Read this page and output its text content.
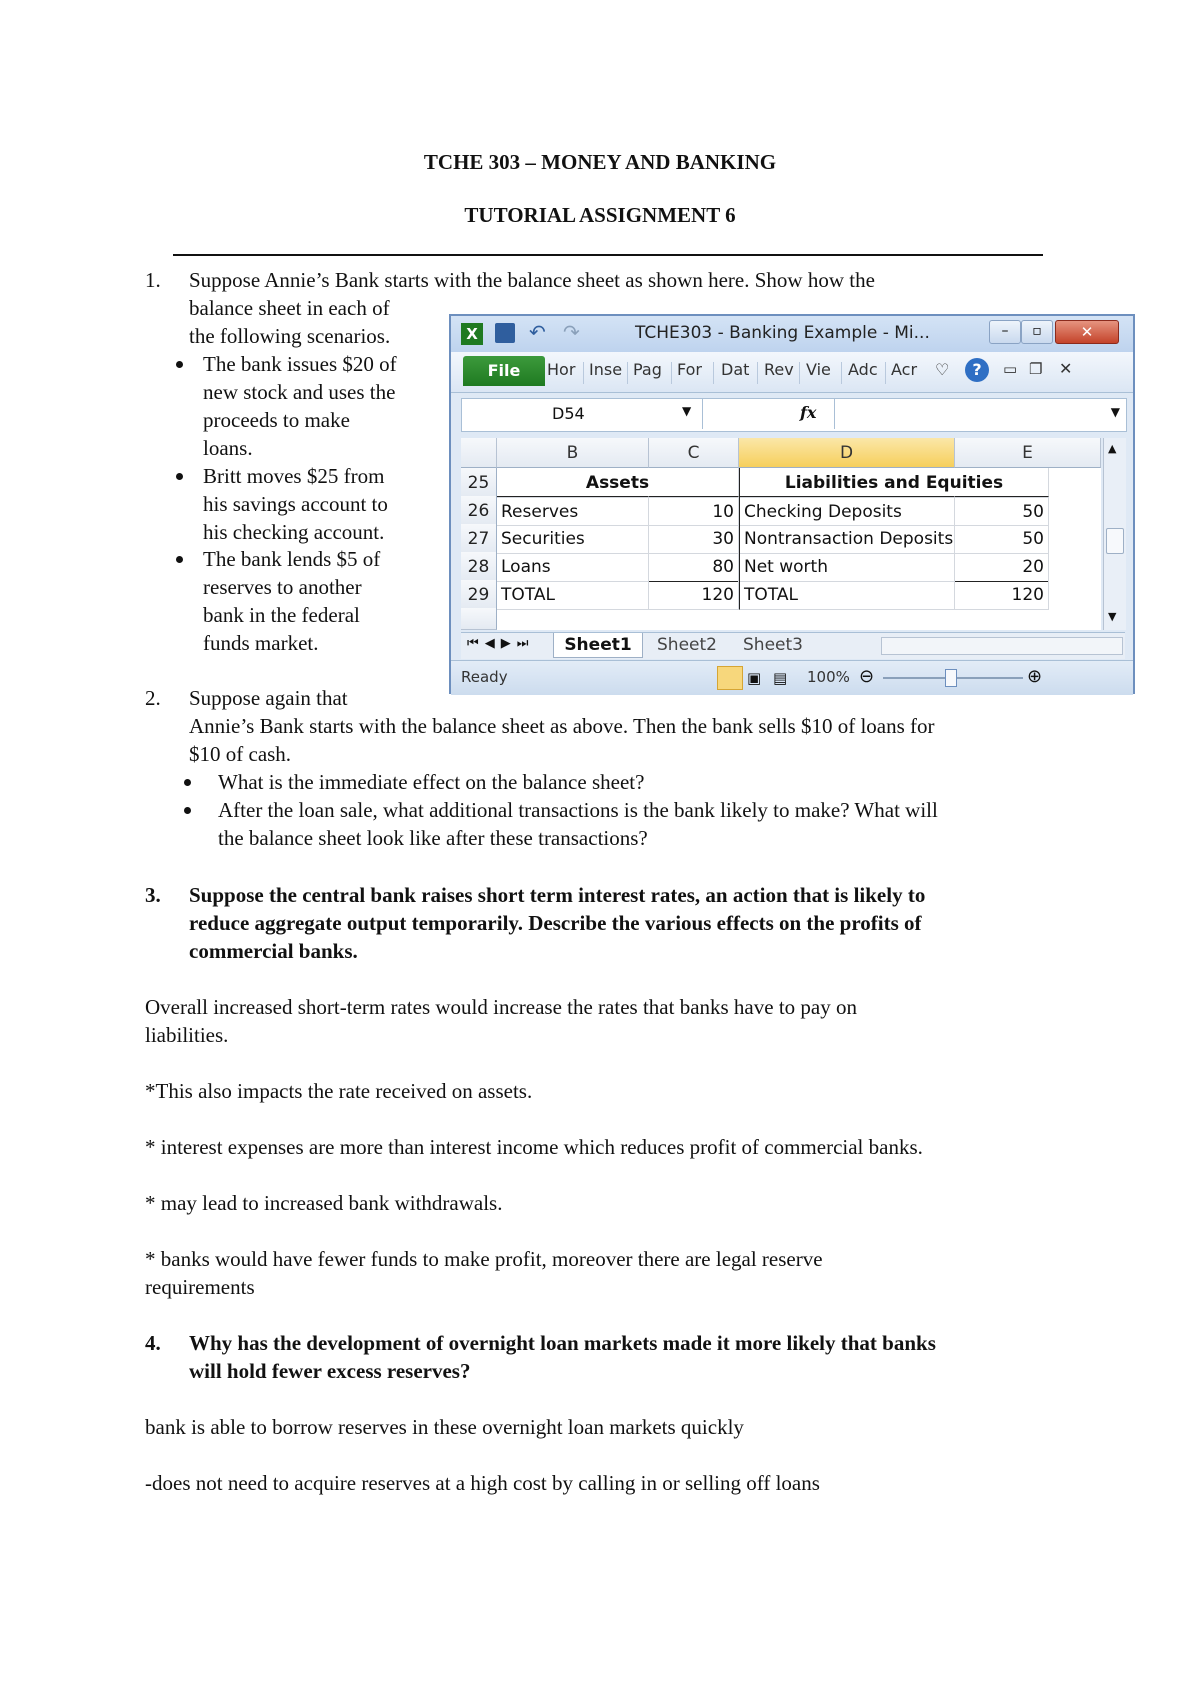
TCHE 303 – MONEY AND BANKING
TUTORIAL ASSIGNMENT 6
1. Suppose Annie’s Bank starts with the balance sheet as shown here. Show how the
balance sheet in each of
the following scenarios.
The bank issues $20 of
new stock and uses the
proceeds to make
loans.
Britt moves $25 from
his savings account to
his checking account.
The bank lends $5 of
reserves to another
bank in the federal
funds market.
X	↶ ↷	TCHE303 - Banking Example - Mi...	–	▫	✕
File	Hor Inse Pag For Dat Rev Vie Adc Acr ♡	?	▭ ❐ ✕
D54	▼	fx	▼
B	C	D	E
25	Assets	Liabilities and Equities
26 Reserves	10 Checking Deposits	50
27 Securities	30 Nontransaction Deposits	50
28 Loans	80 Net worth	20
29 TOTAL	120 TOTAL	120
▲
▼
⏮◀▶⏭	Sheet1	Sheet2	Sheet3
Ready	▣ ▤ 100% ⊖	⊕
2. Suppose again that
Annie’s Bank starts with the balance sheet as above. Then the bank sells $10 of loans for
$10 of cash.
What is the immediate effect on the balance sheet?
After the loan sale, what additional transactions is the bank likely to make? What will
the balance sheet look like after these transactions?
3. Suppose the central bank raises short term interest rates, an action that is likely to
reduce aggregate output temporarily. Describe the various effects on the profits of
commercial banks.
Overall increased short-term rates would increase the rates that banks have to pay on
liabilities.
*This also impacts the rate received on assets.
* interest expenses are more than interest income which reduces profit of commercial banks.
* may lead to increased bank withdrawals.
* banks would have fewer funds to make profit, moreover there are legal reserve
requirements
4. Why has the development of overnight loan markets made it more likely that banks
will hold fewer excess reserves?
bank is able to borrow reserves in these overnight loan markets quickly
-does not need to acquire reserves at a high cost by calling in or selling off loans
